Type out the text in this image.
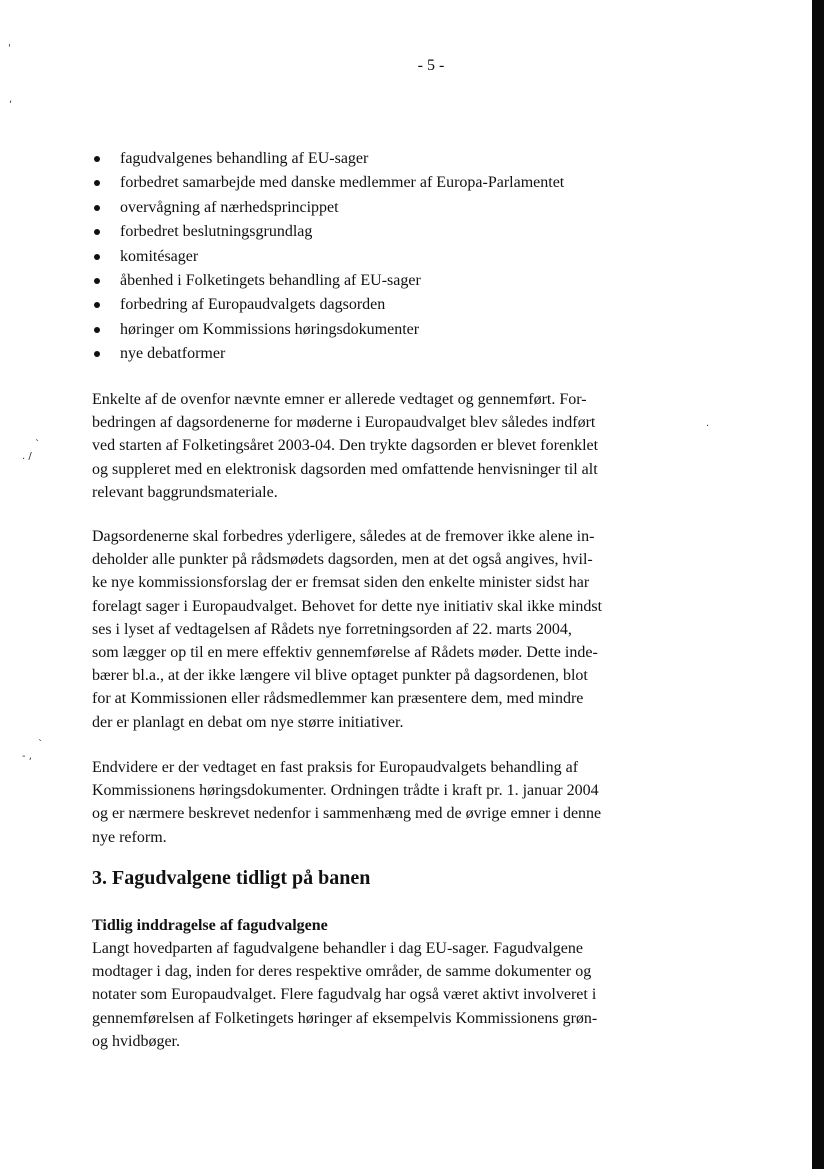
'
,
`
. /
`
- ,
·
- 5 -
fagudvalgenes behandling af EU-sager
forbedret samarbejde med danske medlemmer af Europa-Parlamentet
overvågning af nærhedsprincippet
forbedret beslutningsgrundlag
komitésager
åbenhed i Folketingets behandling af EU-sager
forbedring af Europaudvalgets dagsorden
høringer om Kommissions høringsdokumenter
nye debatformer

Enkelte af de ovenfor nævnte emner er allerede vedtaget og gennemført. For-
bedringen af dagsordenerne for møderne i Europaudvalget blev således indført
ved starten af Folketingsåret 2003-04. Den trykte dagsorden er blevet forenklet
og suppleret med en elektronisk dagsorden med omfattende henvisninger til alt
relevant baggrundsmateriale.

Dagsordenerne skal forbedres yderligere, således at de fremover ikke alene in-
deholder alle punkter på rådsmødets dagsorden, men at det også angives, hvil-
ke nye kommissionsforslag der er fremsat siden den enkelte minister sidst har
forelagt sager i Europaudvalget. Behovet for dette nye initiativ skal ikke mindst
ses i lyset af vedtagelsen af Rådets nye forretningsorden af 22. marts 2004,
som lægger op til en mere effektiv gennemførelse af Rådets møder. Dette inde-
bærer bl.a., at der ikke længere vil blive optaget punkter på dagsordenen, blot
for at Kommissionen eller rådsmedlemmer kan præsentere dem, med mindre
der er planlagt en debat om nye større initiativer.

Endvidere er der vedtaget en fast praksis for Europaudvalgets behandling af
Kommissionens høringsdokumenter. Ordningen trådte i kraft pr. 1. januar 2004
og er nærmere beskrevet nedenfor i sammenhæng med de øvrige emner i denne
nye reform.

3. Fagudvalgene tidligt på banen
Tidlig inddragelse af fagudvalgene

Langt hovedparten af fagudvalgene behandler i dag EU-sager. Fagudvalgene
modtager i dag, inden for deres respektive områder, de samme dokumenter og
notater som Europaudvalget. Flere fagudvalg har også været aktivt involveret i
gennemførelsen af Folketingets høringer af eksempelvis Kommissionens grøn-
og hvidbøger.
